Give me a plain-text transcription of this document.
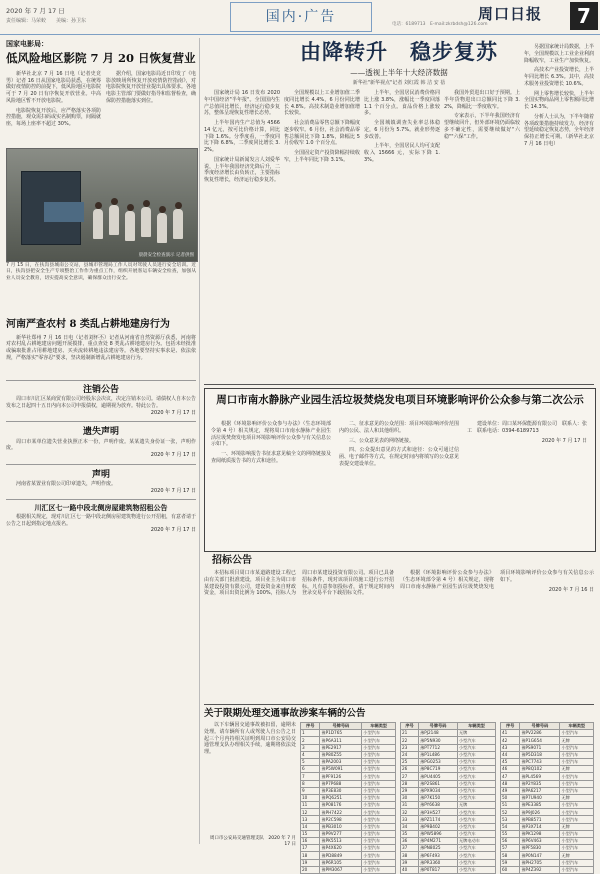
2020 年 7 月 17 日
责任编辑：马荣蛟　　美编：孙卫东	国内·广告	电话：6189713　E-mail:zkrbdsh@126.com
周口日报	7
国家电影局：
低风险地区影院 7 月 20 日恢复营业

新华社北京 7 月 16 日电（记者史竞男）记者 16 日从国家电影局获悉，在统筹做好疫情防控的前提下，低风险地区电影院可于 7 月 20 日有序恢复开放营业。中高风险地区暂不开放电影院。

电影院恢复开放后，应严格落实各项防控措施，观众需扫码或实名制购票，间隔就座，每场上座率不超过 30%。

据介绍，国家电影局近日印发了《电影放映场所恢复开放疫情防控指南》，对电影院恢复开放营业提出具体要求。各地电影主管部门要做好指导和监督检查，确保防控措施落实到位。

晨晨安全检查演示 记者供图
7 月 15 日，在扶沟县城南公交站，县城市管理局工作人员对驾驶人员进行安全培训。近日，扶沟县把安全生产专项整治工作作为重点工作，组织开展客运车辆安全检查，加强从业人员安全教育，切实提高安全意识，确保群众出行安全。
河南严查农村 8 类乱占耕地建房行为

新华社郑州 7 月 16 日电（记者刘怀丕）记者从河南省自然资源厅获悉，河南将对农村乱占耕地建房问题开展摸排，重点查处 8 类乱占耕地建房行为。包括未经批准或骗取批准占用耕地建房、买卖流转耕地违法建房等。各地要坚持实事求是、依法依规，严格落实"零容忍"要求，坚决遏制新增乱占耕地建房行为。

注销公告
周口市川汇区某商贸有限公司经股东会决议，决定注销本公司。请债权人自本公告发布之日起四十五日内向本公司申报债权，逾期视为放弃。特此公告。
2020 年 7 月 17 日
遗失声明
周口市某单位遗失营业执照正本一份，声明作废。某某遗失身份证一张，声明作废。
2020 年 7 月 17 日
声明
河南省某置业有限公司印章遗失，声明作废。
2020 年 7 月 17 日
川汇区七一路中段北侧房屋建筑物招租公告
根据相关规定，现对川汇区七一路中段北侧房屋建筑物进行公开招租，有意者请于公告之日起到指定地点报名。
2020 年 7 月 17 日
由降转升　稳步复苏
——透视上半年十大经济数据
新华社"新华视点"记者 刘红霞 韩 洁 安 蓓

国家统计局 16 日发布 2020 年中国经济"半年报"。全国国内生产总值同比增长，经济运行稳步复苏，整体呈现恢复性增长态势。

上半年国内生产总值为 456614 亿元，按可比价格计算，同比下降 1.6%。分季度看，一季度同比下降 6.8%，二季度同比增长 3.2%。

国家统计局新闻发言人刘爱华说，上半年我国经济先降后升，二季度经济增长由负转正，主要指标恢复性增长，经济运行稳步复苏。

全国规模以上工业增加值二季度同比增长 4.4%，6 月份同比增长 4.8%。高技术制造业增加值增长较快。

社会消费品零售总额下降幅度逐步收窄。6 月份，社会消费品零售总额同比下降 1.8%，降幅比 5 月份收窄 1.0 个百分点。

全国固定资产投资降幅持续收窄，上半年同比下降 3.1%。

上半年，全国居民消费价格同比上涨 3.8%，涨幅比一季度回落 1.1 个百分点。食品价格上涨较多。

全国城镇调查失业率总体稳定，6 月份为 5.7%。就业形势逐步改善。

上半年，全国居民人均可支配收入 15666 元，实际下降 1.3%。

我国外贸进出口好于预期。上半年货物进出口总额同比下降 3.2%，降幅比一季度收窄。

专家表示，下半年我国经济有望继续回升，但外部环境仍面临较多不确定性，需要继续做好"六稳""六保"工作。

另据国家统计局数据，上半年，全国规模以上工业企业利润降幅收窄，工业生产加快恢复。

高技术产业投资增长，上半年同比增长 6.3%。其中，高技术服务业投资增长 10.6%。

网上零售增长较快，上半年全国实物商品网上零售额同比增长 14.3%。

分析人士认为，下半年随着各项政策措施持续发力，经济有望延续稳定恢复态势，全年经济保持正增长可期。（新华社北京 7 月 16 日电）

周口市南水静脉产业园生活垃圾焚烧发电项目环境影响评价公众参与第二次公示

根据《环境影响评价公众参与办法》（生态环境部令第 4 号）相关规定，现将周口市南水静脉产业园生活垃圾焚烧发电项目环境影响评价公众参与有关信息公示如下。

一、环境影响报告书征求意见稿全文的网络链接及查阅纸质报告书的方式和途径。

二、征求意见的公众范围：项目环境影响评价范围内的公民、法人和其他组织。

三、公众意见表的网络链接。

四、公众提出意见的方式和途径：公众可通过信函、电子邮件等方式，在规定时间内将填写的公众意见表提交建设单位。

建设单位：周口某环保能源有限公司　联系人：张工　联系电话：0394-6189713

2020 年 7 月 17 日

招标公告

本招标项目周口市某道路建设工程已由有关部门批准建设，项目业主为周口市某建设投资有限公司，建设资金来自财政资金，项目出资比例为 100%，招标人为周口市某建设投资有限公司。项目已具备招标条件，现对该项目的施工进行公开招标。凡有意参加投标者，请于规定时间内登录交易平台下载招标文件。

根据《环境影响评价公众参与办法》（生态环境部令第 4 号）相关规定，现将周口市南水静脉产业园生活垃圾焚烧发电项目环境影响评价公众参与有关信息公示如下。

2020 年 7 月 16 日

关于限期处理交通事故涉案车辆的公告

以下车辆因交通事故被扣留，逾期未处理。请车辆所有人或驾驶人自公告之日起三个月内持相关证明到周口市公安局交通管理支队办理相关手续，逾期将依法处理。

序号	号牌号码	车辆类型
1	豫P1D765	小型汽车
2	豫P6A311	小型汽车
3	豫PE2917	小型汽车
4	豫P80Z55	小型汽车
5	豫PA2003	小型汽车
6	豫P5W091	小型汽车
7	豫PF9126	小型汽车
8	豫P7P688	小型汽车
9	豫P3E830	小型汽车
10	豫PQ6251	小型汽车
11	豫P08176	小型汽车
12	豫PH7422	小型汽车
13	豫P2C598	小型汽车
14	豫PB3010	小型汽车
15	豫P9V277	小型汽车
16	豫PK5513	小型汽车
17	豫P4X620	小型汽车
18	豫PD8849	小型汽车
19	豫P6R105	小型汽车
20	豫PM3067	小型汽车
序号	号牌号码	车辆类型
21	豫PJ2148	无牌
22	豫P5N930	小型汽车
23	豫PT7712	小型汽车
24	豫P1L486	小型汽车
25	豫PG0253	小型汽车
26	豫P8C719	小型汽车
27	豫PU4405	小型汽车
28	豫P2S861	小型汽车
29	豫PX9034	小型汽车
30	豫P7K150	小型汽车
31	豫PY6638	无牌
32	豫P3H527	小型汽车
33	豫PZ1174	小型汽车
34	豫P9B402	小型汽车
35	豫PW5896	小型汽车
36	豫P4M271	无牌电动车
37	豫PN8025	小型汽车
38	豫P6F493	小型汽车
39	豫PR3360	小型汽车
40	豫P0T817	小型汽车
序号	号牌号码	车辆类型
41	豫PV2286	小型汽车
42	豫P1G654	无牌
43	豫PS9071	小型汽车
44	豫P5D318	小型汽车
45	豫PC7743	小型汽车
46	豫P8Q102	无牌
47	豫PL4569	小型汽车
48	豫P2Y835	小型汽车
49	豫PA6217	小型汽车
50	豫P7U940	无牌
51	豫PE3385	小型汽车
52	豫P9J026	小型汽车
53	豫PB8571	小型汽车
54	豫P3X714	无牌
55	豫PK1298	小型汽车
56	豫P6V463	小型汽车
57	豫PF5830	小型汽车
58	豫P0N147	无牌
59	豫PH2705	小型汽车
60	豫P4Z392	小型汽车
周口市公安局交通管理支队　2020 年 7 月 17 日
